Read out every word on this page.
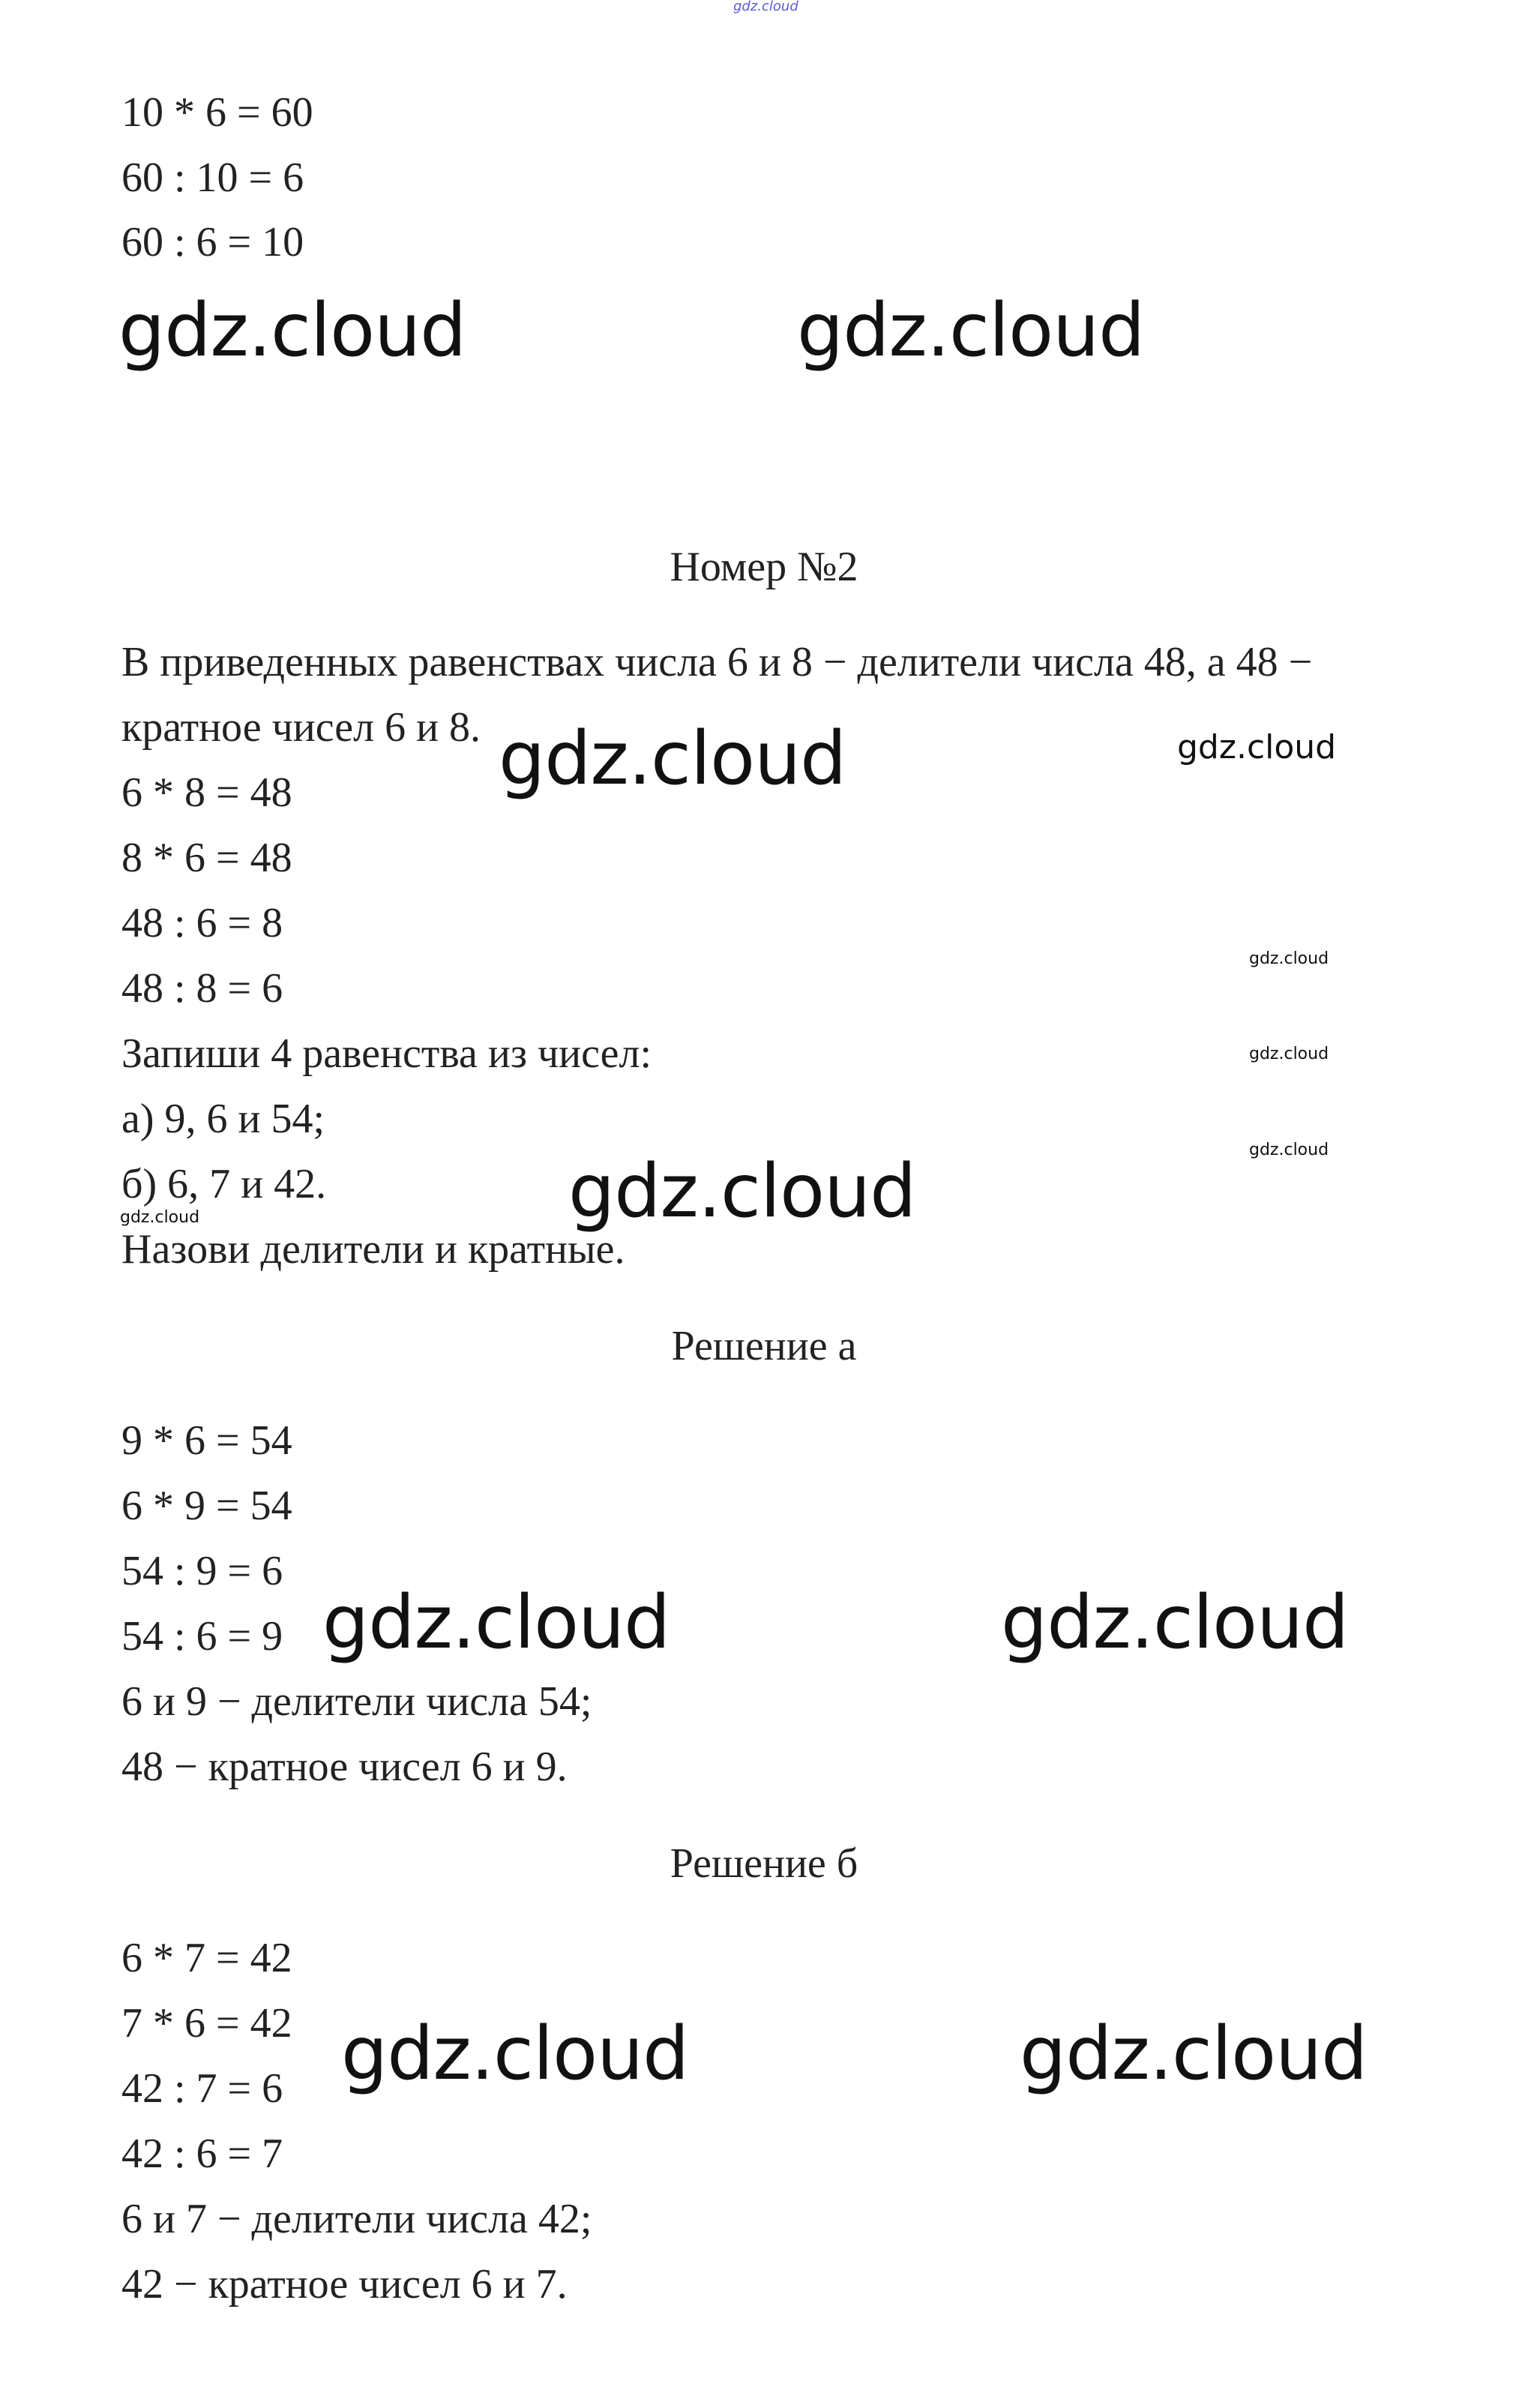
gdz.cloud
10 * 6 = 60
60 : 10 = 6
60 : 6 = 10
gdz.cloud	gdz.cloud
Номер №2
В приведенных равенствах числа 6 и 8 − делители числа 48, а 48 −
кратное чисел 6 и 8. gdz.cloud	gdz.cloud
6 * 8 = 48
8 * 6 = 48
48 : 6 = 8
48 : 8 = 6
gdz.cloud
gdz.cloud
gdz.cloud
Запиши 4 равенства из чисел:
а) 9, 6 и 54;
б) 6, 7 и 42.	gdz.cloud
gdz.cloud
Назови делители и кратные.
Решение а
9 * 6 = 54
6 * 9 = 54
54 : 9 = 6
54 : 6 = 9 gdz.cloud	gdz.cloud
6 и 9 − делители числа 54;
48 − кратное чисел 6 и 9.
Решение б
6 * 7 = 42
7 * 6 = 42 gdz.cloud	gdz.cloud
42 : 7 = 6
42 : 6 = 7
6 и 7 − делители числа 42;
42 − кратное чисел 6 и 7.
